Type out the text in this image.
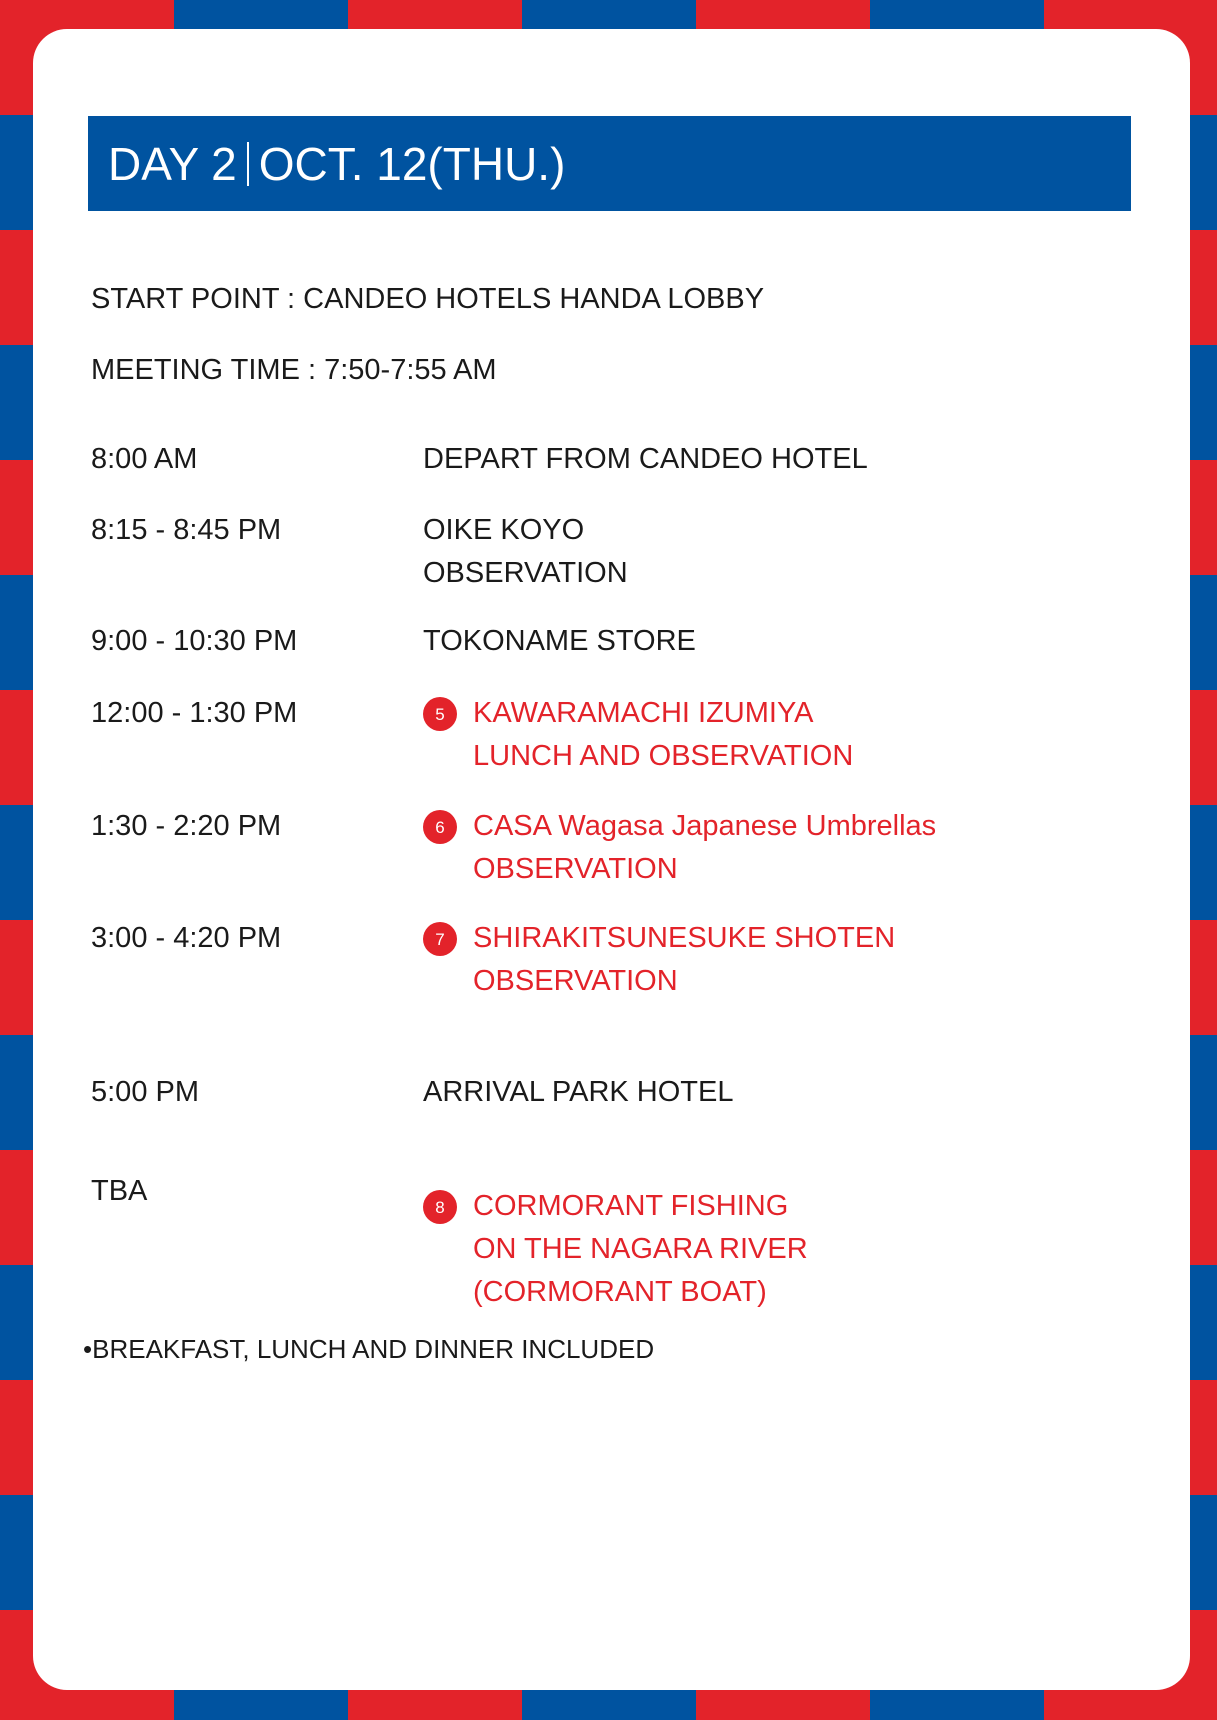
DAY 2 OCT. 12(THU.)
START POINT : CANDEO HOTELS HANDA LOBBY
MEETING TIME : 7:50-7:55 AM
8:00 AM	DEPART FROM CANDEO HOTEL
8:15 - 8:45 PM	OIKE KOYO
OBSERVATION
9:00 - 10:30 PM	TOKONAME STORE
12:00 - 1:30 PM	5 KAWARAMACHI IZUMIYA
LUNCH AND OBSERVATION
1:30 - 2:20 PM	6 CASA Wagasa Japanese Umbrellas
OBSERVATION
3:00 - 4:20 PM	7 SHIRAKITSUNESUKE SHOTEN
OBSERVATION
5:00 PM	ARRIVAL PARK HOTEL
TBA	8 CORMORANT FISHING
ON THE NAGARA RIVER
(CORMORANT BOAT)
•BREAKFAST, LUNCH AND DINNER INCLUDED
